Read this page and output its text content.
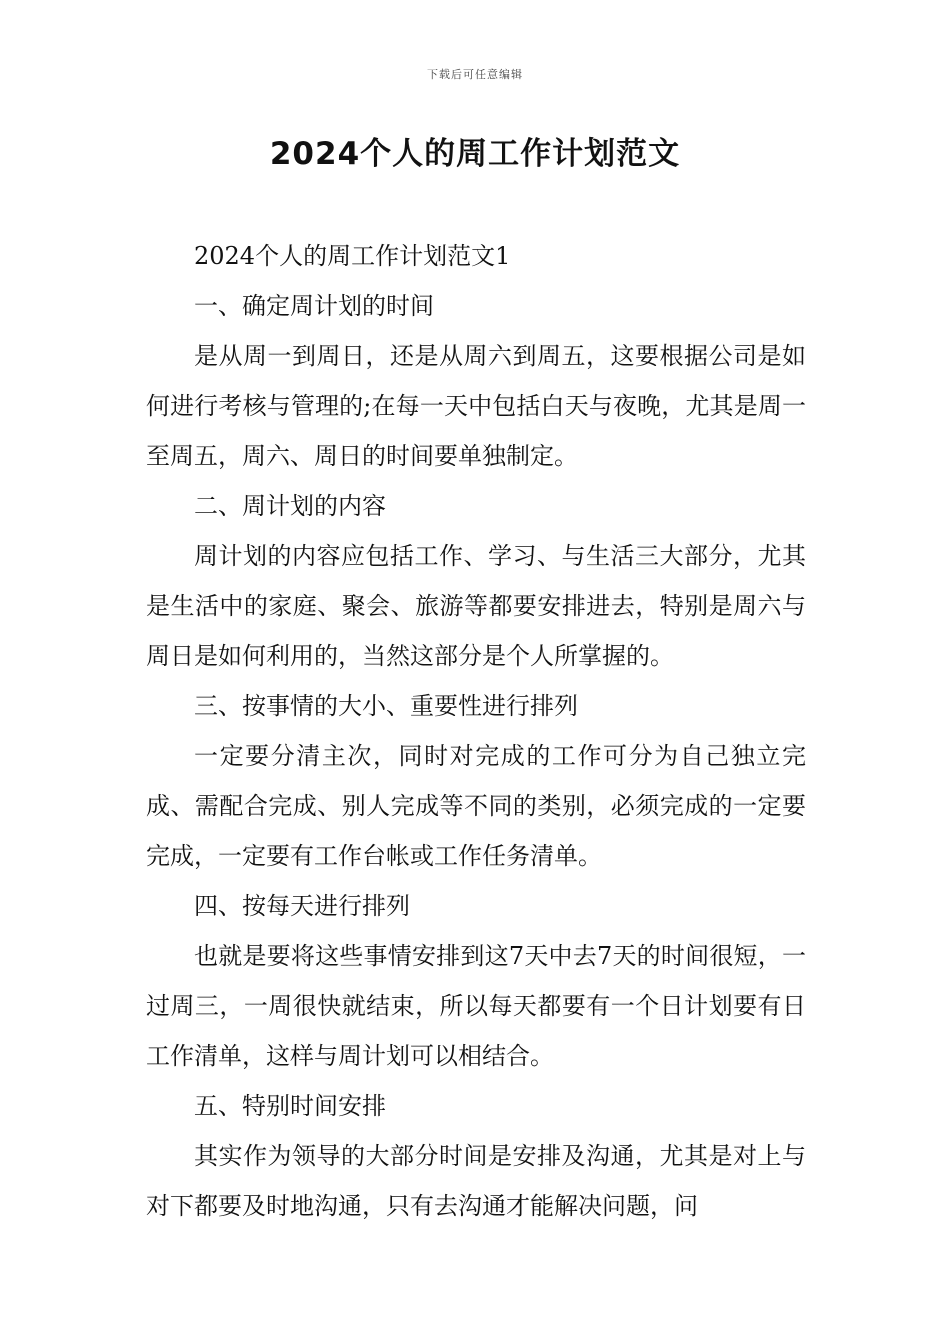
下载后可任意编辑
2024个人的周工作计划范文

2024个人的周工作计划范文1

一、确定周计划的时间

是从周一到周日，还是从周六到周五，这要根据公司是如何进行考核与管理的;在每一天中包括白天与夜晚，尤其是周一至周五，周六、周日的时间要单独制定。

二、周计划的内容

周计划的内容应包括工作、学习、与生活三大部分，尤其是生活中的家庭、聚会、旅游等都要安排进去，特别是周六与周日是如何利用的，当然这部分是个人所掌握的。

三、按事情的大小、重要性进行排列

一定要分清主次，同时对完成的工作可分为自己独立完成、需配合完成、别人完成等不同的类别，必须完成的一定要完成，一定要有工作台帐或工作任务清单。

四、按每天进行排列

也就是要将这些事情安排到这7天中去7天的时间很短，一过周三，一周很快就结束，所以每天都要有一个日计划要有日工作清单，这样与周计划可以相结合。

五、特别时间安排

其实作为领导的大部分时间是安排及沟通，尤其是对上与对下都要及时地沟通，只有去沟通才能解决问题，问
